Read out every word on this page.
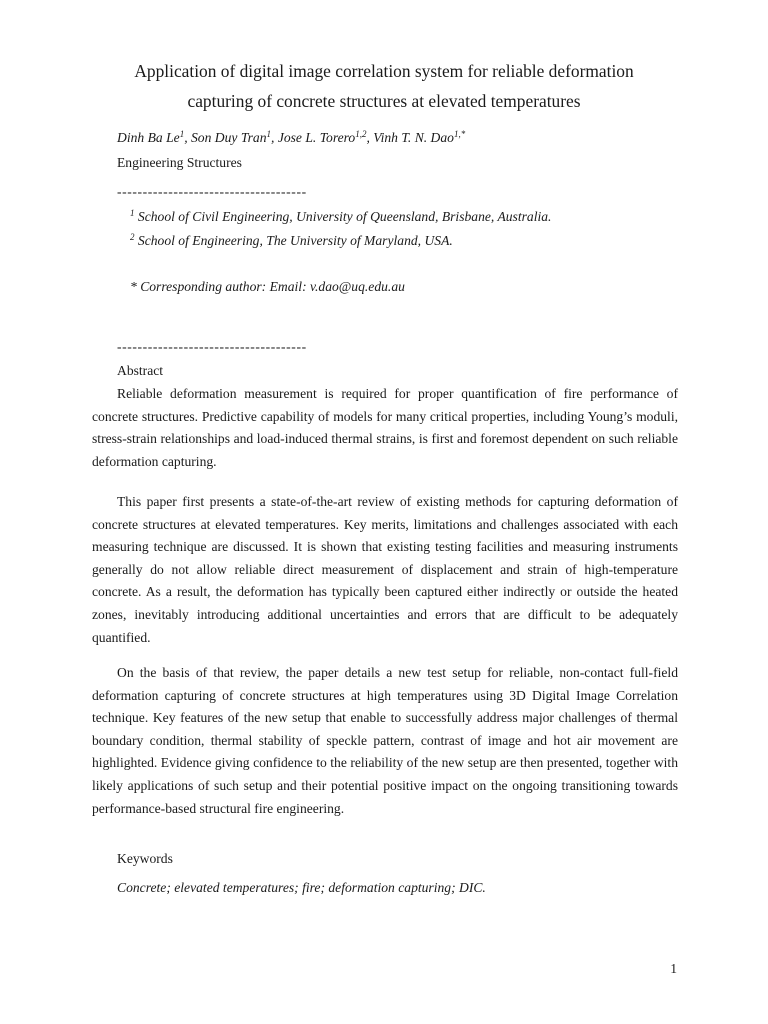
Application of digital image correlation system for reliable deformation
capturing of concrete structures at elevated temperatures
Dinh Ba Le$^1$, Son Duy Tran$^1$, Jose L. Torero$^{1,2}$, Vinh T. N. Dao$^{1,*}$
Engineering Structures
-------------------------------------
$^1$ School of Civil Engineering, University of Queensland, Brisbane, Australia.
$^2$ School of Engineering, The University of Maryland, USA.
* Corresponding author: Email: v.dao@uq.edu.au
-------------------------------------
Abstract

Reliable deformation measurement is required for proper quantification of fire performance of concrete structures. Predictive capability of models for many critical properties, including Young’s moduli, stress-strain relationships and load-induced thermal strains, is first and foremost dependent on such reliable deformation capturing.

This paper first presents a state-of-the-art review of existing methods for capturing deformation of concrete structures at elevated temperatures. Key merits, limitations and challenges associated with each measuring technique are discussed. It is shown that existing testing facilities and measuring instruments generally do not allow reliable direct measurement of displacement and strain of high-temperature concrete. As a result, the deformation has typically been captured either indirectly or outside the heated zones, inevitably introducing additional uncertainties and errors that are difficult to be adequately quantified.

On the basis of that review, the paper details a new test setup for reliable, non-contact full-field deformation capturing of concrete structures at high temperatures using 3D Digital Image Correlation technique. Key features of the new setup that enable to successfully address major challenges of thermal boundary condition, thermal stability of speckle pattern, contrast of image and hot air movement are highlighted. Evidence giving confidence to the reliability of the new setup are then presented, together with likely applications of such setup and their potential positive impact on the ongoing transitioning towards performance-based structural fire engineering.

Keywords
Concrete; elevated temperatures; fire; deformation capturing; DIC.
1
